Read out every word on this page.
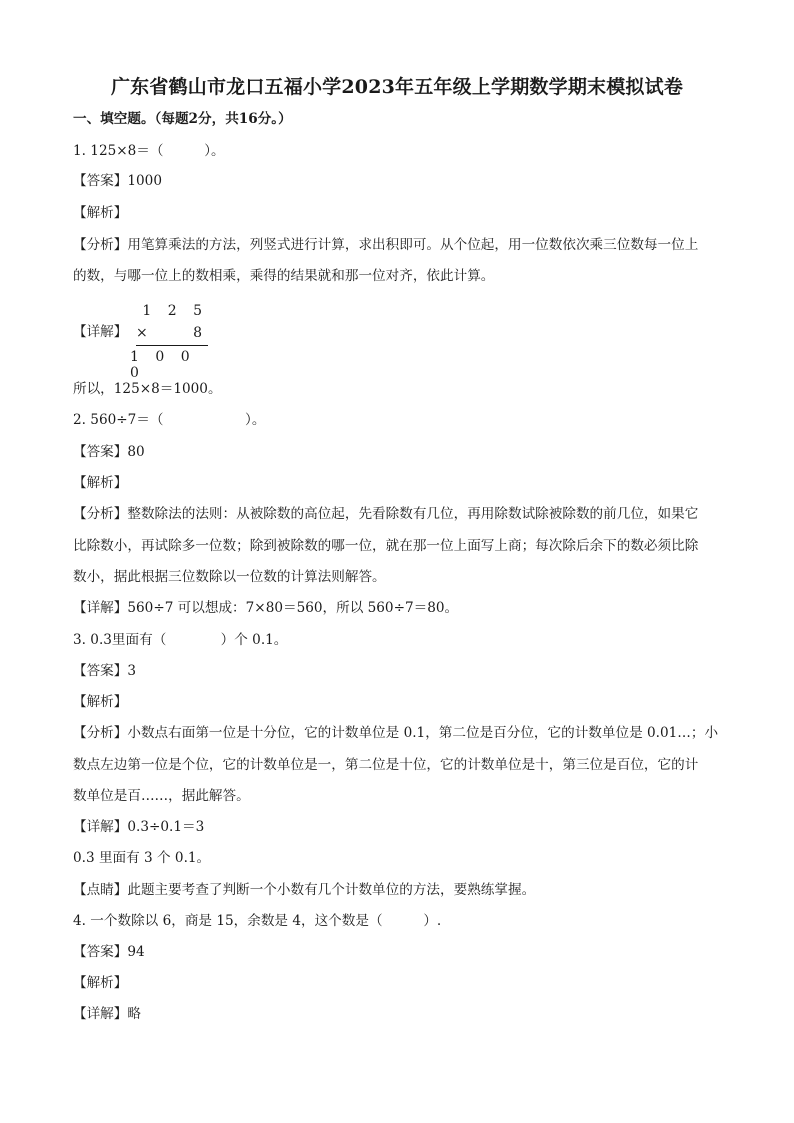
广东省鹤山市龙口五福小学2023年五年级上学期数学期末模拟试卷
一、填空题。（每题2分，共16分。）
1. 125×8＝（　　　）。
【答案】1000
【解析】
【分析】用笔算乘法的方法，列竖式进行计算，求出积即可。从个位起，用一位数依次乘三位数每一位上
的数，与哪一位上的数相乘，乘得的结果就和那一位对齐，依此计算。
【详解】
1 2 5
×	8
1 0 0 0
所以，125×8＝1000。
2. 560÷7＝（　　　　　　）。
【答案】80
【解析】
【分析】整数除法的法则：从被除数的高位起，先看除数有几位，再用除数试除被除数的前几位，如果它
比除数小，再试除多一位数；除到被除数的哪一位，就在那一位上面写上商；每次除后余下的数必须比除
数小，据此根据三位数除以一位数的计算法则解答。
【详解】560÷7 可以想成：7×80＝560，所以 560÷7＝80。
3. 0.3里面有（　　　　）个 0.1。
【答案】3
【解析】
【分析】小数点右面第一位是十分位，它的计数单位是 0.1，第二位是百分位，它的计数单位是 0.01…；小
数点左边第一位是个位，它的计数单位是一，第二位是十位，它的计数单位是十，第三位是百位，它的计
数单位是百……，据此解答。
【详解】0.3÷0.1＝3
0.3 里面有 3 个 0.1。
【点睛】此题主要考查了判断一个小数有几个计数单位的方法，要熟练掌握。
4. 一个数除以 6，商是 15，余数是 4，这个数是（　　　）.
【答案】94
【解析】
【详解】略
